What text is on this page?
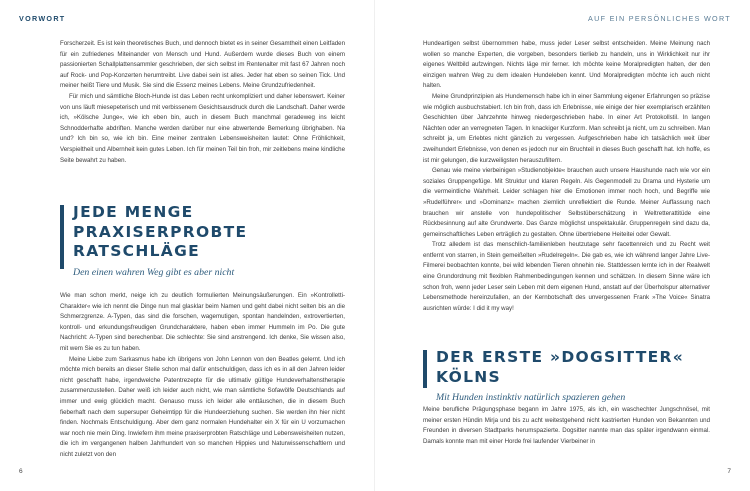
VORWORT

Forscherzeit. Es ist kein theoretisches Buch, und dennoch bietet es in seiner Gesamtheit einen Leitfaden für ein zufriedenes Miteinander von Mensch und Hund. Außerdem wurde dieses Buch von einem passionierten Schallplattensammler geschrieben, der sich selbst im Rentenalter mit fast 67 Jahren noch auf Rock- und Pop-Konzerten herumtreibt. Live dabei sein ist alles. Jeder hat eben so seinen Tick. Und meiner heißt Tiere und Musik. Sie sind die Essenz meines Lebens. Meine Grundzufriedenheit.

Für mich und sämtliche Bloch-Hunde ist das Leben recht unkompliziert und daher lebenswert. Keiner von uns läuft miesepeterisch und mit verbissenem Gesichtsausdruck durch die Landschaft. Daher werde ich, »Kölsche Junge«, wie ich eben bin, auch in diesem Buch manchmal geradeweg ins leicht Schnodderhafte abdriften. Manche werden darüber nur eine abwertende Bemerkung übrighaben. Na und? Ich bin so, wie ich bin. Eine meiner zentralen Lebensweisheiten lautet: Ohne Fröhlichkeit, Verspieltheit und Albernheit kein gutes Leben. Ich für meinen Teil bin froh, mir zeitlebens meine kindliche Seite bewahrt zu haben.

JEDE MENGE PRAXISERPROBTE RATSCHLÄGE
Den einen wahren Weg gibt es aber nicht

Wie man schon merkt, neige ich zu deutlich formulierten Meinungsäußerungen. Ein »Kontrolletti-Charakter« wie ich nennt die Dinge nun mal glasklar beim Namen und geht dabei nicht selten bis an die Schmerzgrenze. A-Typen, das sind die forschen, wagemutigen, spontan handelnden, extrovertierten, kontroll- und erkundungsfreudigen Grundcharaktere, haben eben immer Hummeln im Po. Die gute Nachricht: A-Typen sind berechenbar. Die schlechte: Sie sind anstrengend. Ich denke, Sie wissen also, mit wem Sie es zu tun haben.

Meine Liebe zum Sarkasmus habe ich übrigens von John Lennon von den Beatles gelernt. Und ich möchte mich bereits an dieser Stelle schon mal dafür entschuldigen, dass ich es in all den Jahren leider nicht geschafft habe, irgendwelche Patentrezepte für die ultimativ gültige Hundeverhaltenstherapie zusammenzustellen. Daher weiß ich leider auch nicht, wie man sämtliche Sofawölfe Deutschlands auf immer und ewig glücklich macht. Genauso muss ich leider alle enttäuschen, die in diesem Buch fieberhaft nach dem supersuper Geheimtipp für die Hundeerziehung suchen. Sie werden ihn hier nicht finden. Nochmals Entschuldigung. Aber dem ganz normalen Hundehalter ein X für ein U vorzumachen war noch nie mein Ding. Inwiefern ihm meine praxiserprobten Ratschläge und Lebensweisheiten nutzen, die ich im vergangenen halben Jahrhundert von so manchen Hippies und Naturwissenschaftlern und nicht zuletzt von den

6
AUF EIN PERSÖNLICHES WORT

Hundeartigen selbst übernommen habe, muss jeder Leser selbst entscheiden. Meine Meinung nach wollen so manche Experten, die vorgeben, besonders tierlieb zu handeln, uns in Wirklichkeit nur ihr eigenes Weltbild aufzwingen. Nichts läge mir ferner. Ich möchte keine Moralpredigten halten, der den einzigen wahren Weg zu dem idealen Hundeleben kennt. Und Moralpredigten möchte ich auch nicht halten.

Meine Grundprinzipien als Hundemensch habe ich in einer Sammlung eigener Erfahrungen so präzise wie möglich ausbuchstabiert. Ich bin froh, dass ich Erlebnisse, wie einige der hier exemplarisch erzählten Geschichten über Jahrzehnte hinweg niedergeschrieben habe. In einer Art Protokollstil. In langen Nächten oder an verregneten Tagen. In knackiger Kurzform. Man schreibt ja nicht, um zu schreiben. Man schreibt ja, um Erlebtes nicht gänzlich zu vergessen. Aufgeschrieben habe ich tatsächlich weit über zweihundert Erlebnisse, von denen es jedoch nur ein Bruchteil in dieses Buch geschafft hat. Ich hoffe, es ist mir gelungen, die kurzweiligsten herauszufiltern.

Genau wie meine vierbeinigen »Studienobjekte« brauchen auch unsere Haushunde nach wie vor ein soziales Gruppengefüge. Mit Struktur und klaren Regeln. Als Gegenmodell zu Drama und Hysterie um die vermeintliche Wahrheit. Leider schlagen hier die Emotionen immer noch hoch, und Begriffe wie »Rudelführer« und »Dominanz« machen ziemlich unreflektiert die Runde. Meiner Auffassung nach brauchen wir anstelle von hundepolitischer Selbstüberschätzung in Weltretterattitüde eine Rückbesinnung auf alte Grundwerte. Das Ganze möglichst unspektakulär. Gruppenregeln sind dazu da, gemeinschaftliches Leben erträglich zu gestalten. Ohne übertriebene Heiteitei oder Gewalt.

Trotz alledem ist das menschlich-familienleben heutzutage sehr facettenreich und zu Recht weit entfernt von starren, in Stein gemeißelten »Rudelregeln«. Die gab es, wie ich während langer Jahre Live-Filmerei beobachten konnte, bei wild lebenden Tieren ohnehin nie. Stattdessen lernte ich in der Realwelt eine Grundordnung mit flexiblen Rahmenbedingungen kennen und schätzen. In diesem Sinne wäre ich schon froh, wenn jeder Leser sein Leben mit dem eigenen Hund, anstatt auf der Überholspur alternativer Lebensmethode hereinzufallen, an der Kernbotschaft des unvergessenen Frank »The Voice« Sinatra ausrichten würde: I did it my way!

DER ERSTE »DOGSITTER« KÖLNS
Mit Hunden instinktiv natürlich spazieren gehen

Meine berufliche Prägungsphase begann im Jahre 1975, als ich, ein waschechter Jungschnösel, mit meiner ersten Hündin Mirja und bis zu acht weitestgehend nicht kastrierten Hunden von Bekannten und Freunden in diversen Stadtparks herumspazierte. Dogsitter nannte man das später irgendwann einmal. Damals konnte man mit einer Horde frei laufender Vierbeiner in

7
